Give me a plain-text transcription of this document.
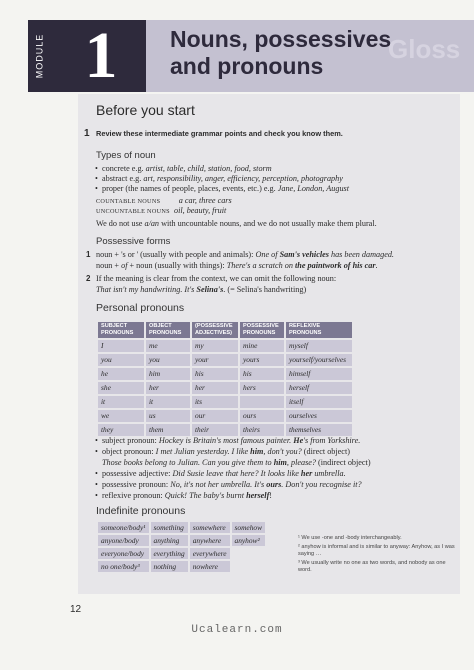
Gloss
MODULE 1	Nouns, possessives
and pronouns
Before you start
1 Review these intermediate grammar points and check you know them.
Types of noun
• concrete e.g. artist, table, child, station, food, storm
• abstract e.g. art, responsibility, anger, efficiency, perception, photography
• proper (the names of people, places, events, etc.) e.g. Jane, London, August
COUNTABLE NOUNS a car, three cars
UNCOUNTABLE NOUNS oil, beauty, fruit
We do not use a/an with uncountable nouns, and we do not usually make them plural.
Possessive forms
1 noun + 's or ' (usually with people and animals): One of Sam's vehicles has been damaged.
noun + of + noun (usually with things): There's a scratch on the paintwork of his car.
2 If the meaning is clear from the context, we can omit the following noun:
That isn't my handwriting. It's Selina's. (= Selina's handwriting)
Personal pronouns
SUBJECT PRONOUNS	OBJECT PRONOUNS	(POSSESSIVE ADJECTIVES)	POSSESSIVE PRONOUNS	REFLEXIVE PRONOUNS
I	me	my	mine	myself
you	you	your	yours	yourself/yourselves
he	him	his	his	himself
she	her	her	hers	herself
it	it	its		itself
we	us	our	ours	ourselves
they	them	their	theirs	themselves
• subject pronoun: Hockey is Britain's most famous painter. He's from Yorkshire.
• object pronoun: I met Julian yesterday. I like him, don't you? (direct object)
Those books belong to Julian. Can you give them to him, please? (indirect object)
• possessive adjective: Did Susie leave that here? It looks like her umbrella.
• possessive pronoun: No, it's not her umbrella. It's ours. Don't you recognise it?
• reflexive pronoun: Quick! The baby's burnt herself!
Indefinite pronouns
someone/body¹	something	somewhere	somehow
anyone/body	anything	anywhere	anyhow²
everyone/body	everything	everywhere	
no one/body³	nothing	nowhere	
¹ We use -one and -body interchangeably.
² anyhow is informal and is similar to anyway: Anyhow, as I was saying …
³ We usually write no one as two words, and nobody as one word.
12
Ucalearn.com
